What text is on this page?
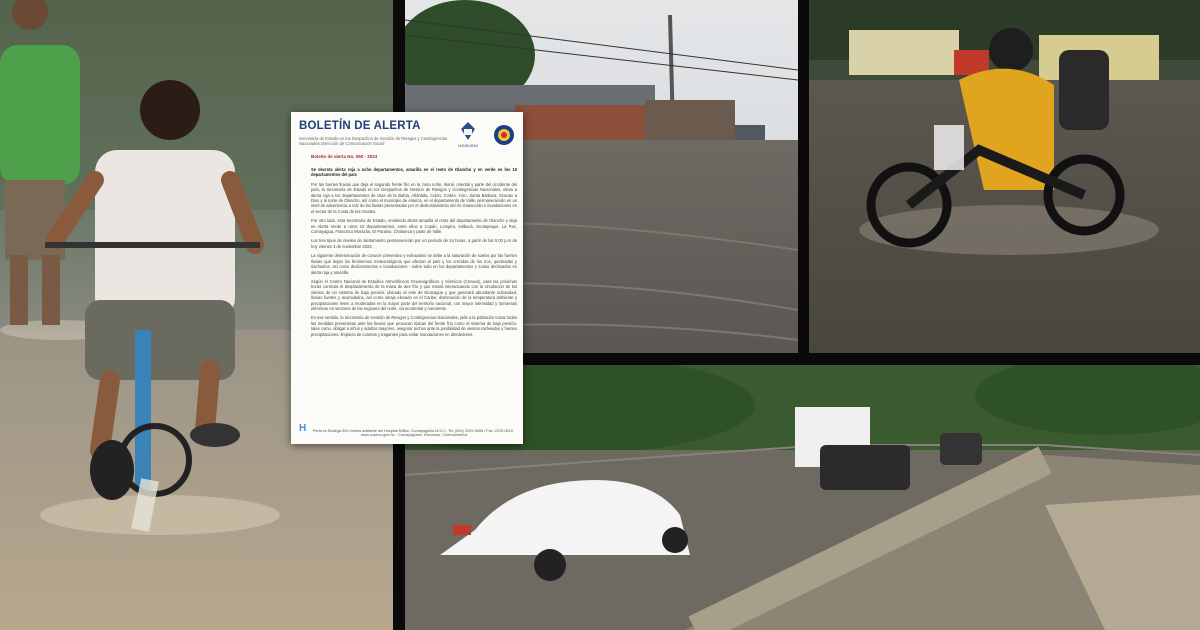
BOLETÍN DE ALERTA
Secretaría de Estado en los Despachos de Gestión de Riesgos y Contingencias Nacionales Dirección de Comunicación Social	HONDURAS
Boletín de alerta No. 050 - 2023

Se decreta alerta roja a ocho departamentos, amarilla en el resto de Olancho y en verde en los 10 departamentos del país

Por las fuertes lluvias que deja el segundo frente frío en la zona norte, litoral, oriental y parte del occidente del país, la Secretaría de Estado en los Despachos de Gestión de Riesgos y Contingencias Nacionales, eleva a alerta roja a los departamentos de Islas de la Bahía, Atlántida, Colón, Cortés, Yoro, Santa Bárbara, Gracias a Dios y al norte de Olancho, así como el municipio de Alianza, en el departamento de Valle, permaneciendo en un nivel de advertencia a raíz de las lluvias presentadas por el desbordamiento del río Goascorán e inundaciones en el sector de la Costa de los Amates.

Por otro lado, esta Secretaría de Estado, emitiendo alerta amarilla al resto del departamento de Olancho y deja en Alerta Verde a otros 10 departamentos, entre ellos a Copán, Lempira, Intibucá, Ocotepeque, La Paz, Comayagua, Francisco Morazán, El Paraíso, Choluteca y parte de Valle.

Los tres tipos de niveles de alertamiento permanecerán por un período de 24 horas, a partir de las 5:00 p.m de hoy viernes 3 de noviembre 2023.

La siguiente determinación de conocer preventivo y exhaustivo se debe a la saturación de suelos por las fuertes lluvias que dejan los fenómenos meteorológicos que afectan al país y los crecidas de los ríos, quebradas y riachuelos, así como deslizamientos e inundaciones - sobre todo en los departamentos y zonas declarados en alerta roja y amarilla.

Según el Centro Nacional de Estudios Atmosféricos Oceanográficos y Sísmicos (Cenaos), para las próximas horas continúa el desplazamiento de la masa de aire frío y que estará interactuando con la circulación de los vientos de un sistema de baja presión, ubicado al este de Nicaragua y que generará abundante nubosidad, lluvias fuertes y acumulados, así como oleaje elevado en el Caribe, disminución de la temperatura ambiente y precipitaciones leves a moderadas en la mayor parte del territorio nacional, con mayor intensidad y tormentas eléctricas en sectores de las regiones del norte, noroccidental y nororiente.

En ese sentido, la Secretaría de Gestión de Riesgos y Contingencias Nacionales, pide a la población tomar todas las medidas preventivas ante las lluvias que provocan típicas del frente frío como el sistema de baja presión, tales como, obligar a niños y adultos mayores, asegurar techos ante la posibilidad de vientos racheados y fuertes precipitaciones, limpieza de cunetas y tragantes para evitar inundaciones en alrededores.

H	Perla en Bodega 300 metros adelante del Hospital Militar, Comayagüela M.D.C. Tel. (504) 2229-0606 / Fax: 2229-0616 · www.copeco.gob.hn · Comayagüela, Honduras, Centroamérica
